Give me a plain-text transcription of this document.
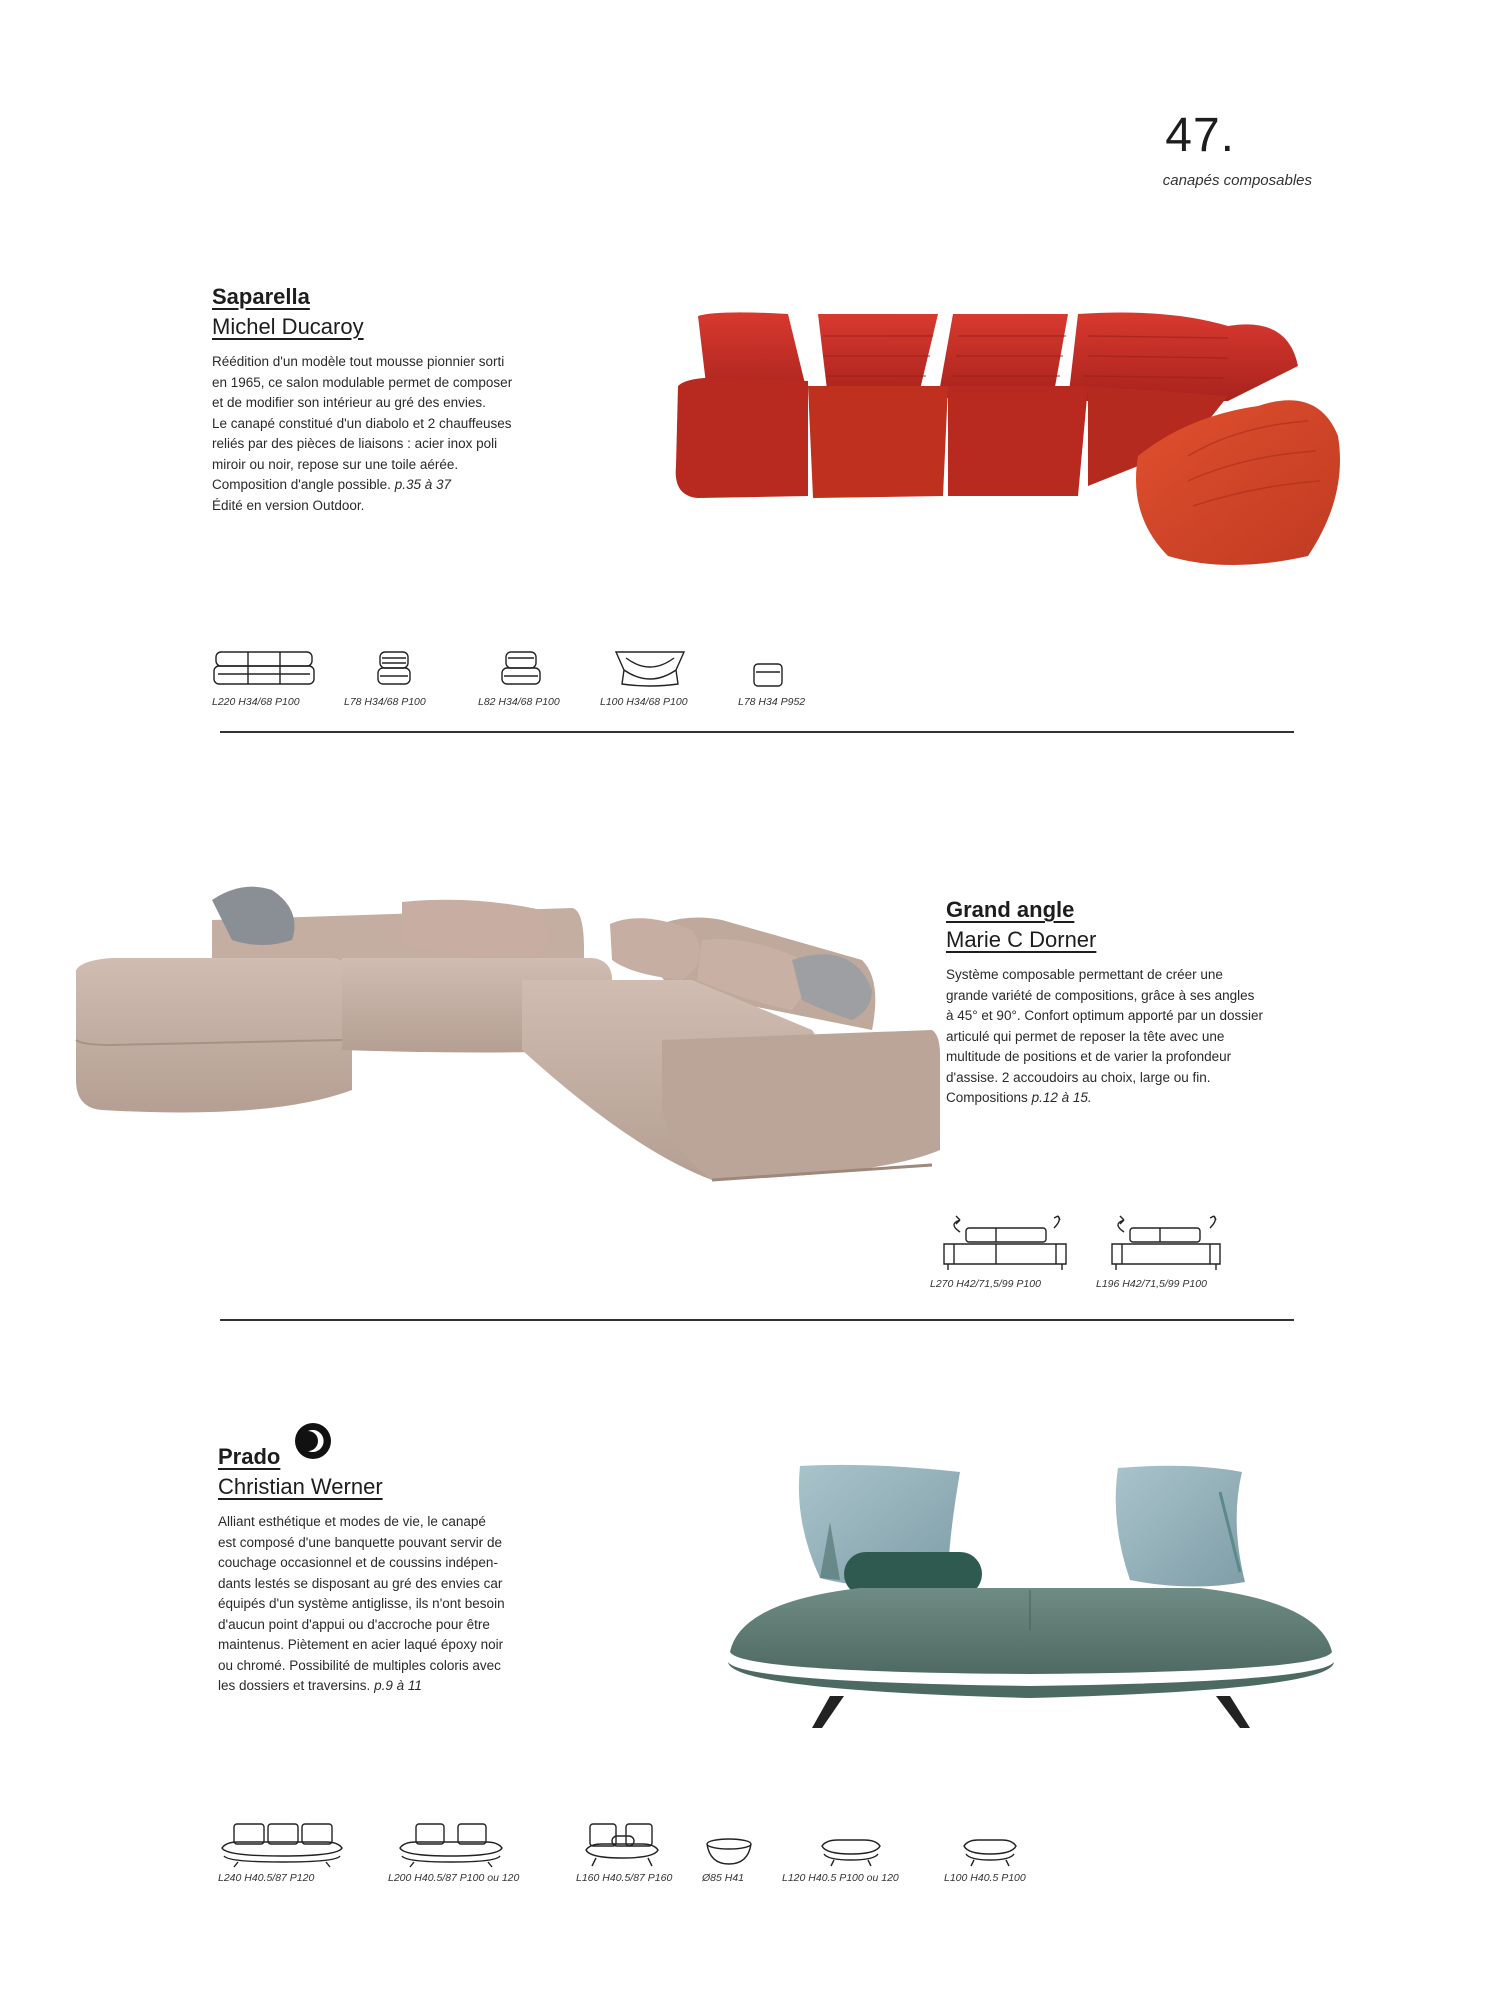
47.
canapés composables
Saparella
Michel Ducaroy
Réédition d'un modèle tout mousse pionnier sorti
en 1965, ce salon modulable permet de composer
et de modifier son intérieur au gré des envies.
Le canapé constitué d'un diabolo et 2 chauffeuses
reliés par des pièces de liaisons : acier inox poli
miroir ou noir, repose sur une toile aérée.
Composition d'angle possible. p.35 à 37
Édité en version Outdoor.
L220 H34/68 P100	L78 H34/68 P100	L82 H34/68 P100	L100 H34/68 P100	L78 H34 P952
Grand angle
Marie C Dorner
Système composable permettant de créer une
grande variété de compositions, grâce à ses angles
à 45° et 90°. Confort optimum apporté par un dossier
articulé qui permet de reposer la tête avec une
multitude de positions et de varier la profondeur
d'assise. 2 accoudoirs au choix, large ou fin.
Compositions p.12 à 15.
L270 H42/71,5/99 P100	L196 H42/71,5/99 P100
Prado
Christian Werner
Alliant esthétique et modes de vie, le canapé
est composé d'une banquette pouvant servir de
couchage occasionnel et de coussins indépen-
dants lestés se disposant au gré des envies car
équipés d'un système antiglisse, ils n'ont besoin
d'aucun point d'appui ou d'accroche pour être
maintenus. Piètement en acier laqué époxy noir
ou chromé. Possibilité de multiples coloris avec
les dossiers et traversins. p.9 à 11
L240 H40.5/87 P120	L200 H40.5/87 P100 ou 120	L160 H40.5/87 P160	Ø85 H41	L120 H40.5 P100 ou 120	L100 H40.5 P100
